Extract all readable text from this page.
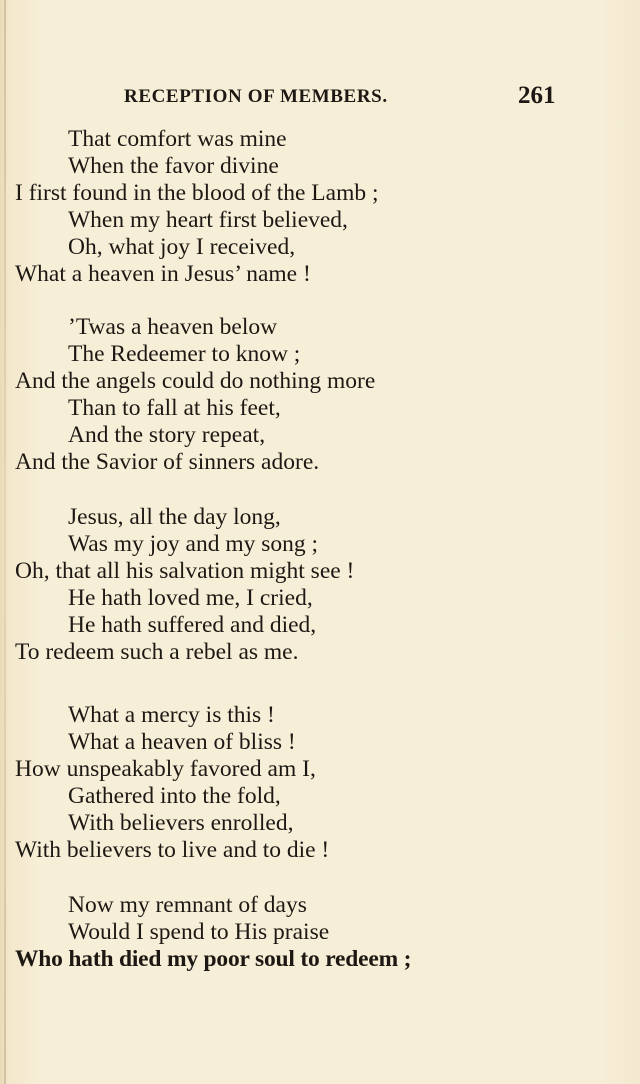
RECEPTION OF MEMBERS.	261
That comfort was mine
When the favor divine
I first found in the blood of the Lamb ;
When my heart first believed,
Oh, what joy I received,
What a heaven in Jesus’ name !
’Twas a heaven below
The Redeemer to know ;
And the angels could do nothing more
Than to fall at his feet,
And the story repeat,
And the Savior of sinners adore.
Jesus, all the day long,
Was my joy and my song ;
Oh, that all his salvation might see !
He hath loved me, I cried,
He hath suffered and died,
To redeem such a rebel as me.
What a mercy is this !
What a heaven of bliss !
How unspeakably favored am I,
Gathered into the fold,
With believers enrolled,
With believers to live and to die !
Now my remnant of days
Would I spend to His praise
Who hath died my poor soul to redeem ;
